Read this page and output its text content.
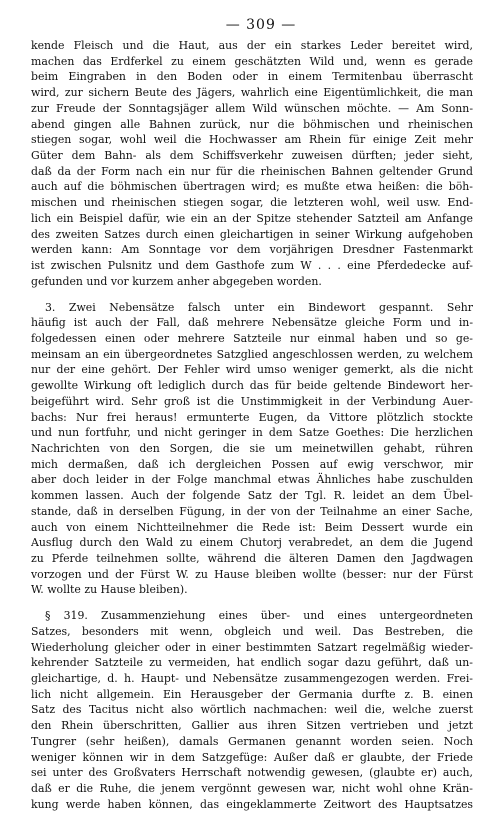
— 309 —
kende Fleisch und die Haut, aus der ein starkes Leder bereitet wird,
machen das Erdferkel zu einem geschätzten Wild und, wenn es gerade
beim Eingraben in den Boden oder in einem Termitenbau überrascht
wird, zur sichern Beute des Jägers, wahrlich eine Eigentümlichkeit, die man
zur Freude der Sonntagsjäger allem Wild wünschen möchte. — Am Sonn-
abend gingen alle Bahnen zurück, nur die böhmischen und rheinischen
stiegen sogar, wohl weil die Hochwasser am Rhein für einige Zeit mehr
Güter dem Bahn- als dem Schiffsverkehr zuweisen dürften; jeder sieht,
daß da der Form nach ein nur für die rheinischen Bahnen geltender Grund
auch auf die böhmischen übertragen wird; es mußte etwa heißen: die böh-
mischen und rheinischen stiegen sogar, die letzteren wohl, weil usw. End-
lich ein Beispiel dafür, wie ein an der Spitze stehender Satzteil am Anfange
des zweiten Satzes durch einen gleichartigen in seiner Wirkung aufgehoben
werden kann: Am Sonntage vor dem vorjährigen Dresdner Fastenmarkt
ist zwischen Pulsnitz und dem Gasthofe zum W . . . eine Pferdedecke auf-
gefunden und vor kurzem anher abgegeben worden.
3. Zwei Nebensätze falsch unter ein Bindewort gespannt. Sehr
häufig ist auch der Fall, daß mehrere Nebensätze gleiche Form und in-
folgedessen einen oder mehrere Satzteile nur einmal haben und so ge-
meinsam an ein übergeordnetes Satzglied angeschlossen werden, zu welchem
nur der eine gehört. Der Fehler wird umso weniger gemerkt, als die nicht
gewollte Wirkung oft lediglich durch das für beide geltende Bindewort her-
beigeführt wird. Sehr groß ist die Unstimmigkeit in der Verbindung Auer-
bachs: Nur frei heraus! ermunterte Eugen, da Vittore plötzlich stockte
und nun fortfuhr, und nicht geringer in dem Satze Goethes: Die herzlichen
Nachrichten von den Sorgen, die sie um meinetwillen gehabt, rühren
mich dermaßen, daß ich dergleichen Possen auf ewig verschwor, mir
aber doch leider in der Folge manchmal etwas Ähnliches habe zuschulden
kommen lassen. Auch der folgende Satz der Tgl. R. leidet an dem Übel-
stande, daß in derselben Fügung, in der von der Teilnahme an einer Sache,
auch von einem Nichtteilnehmer die Rede ist: Beim Dessert wurde ein
Ausflug durch den Wald zu einem Chutorj verabredet, an dem die Jugend
zu Pferde teilnehmen sollte, während die älteren Damen den Jagdwagen
vorzogen und der Fürst W. zu Hause bleiben wollte (besser: nur der Fürst
W. wollte zu Hause bleiben).
§ 319. Zusammenziehung eines über- und eines untergeordneten
Satzes, besonders mit wenn, obgleich und weil. Das Bestreben, die
Wiederholung gleicher oder in einer bestimmten Satzart regelmäßig wieder-
kehrender Satzteile zu vermeiden, hat endlich sogar dazu geführt, daß un-
gleichartige, d. h. Haupt- und Nebensätze zusammengezogen werden. Frei-
lich nicht allgemein. Ein Herausgeber der Germania durfte z. B. einen
Satz des Tacitus nicht also wörtlich nachmachen: weil die, welche zuerst
den Rhein überschritten, Gallier aus ihren Sitzen vertrieben und jetzt
Tungrer (sehr heißen), damals Germanen genannt worden seien. Noch
weniger können wir in dem Satzgefüge: Außer daß er glaubte, der Friede
sei unter des Großvaters Herrschaft notwendig gewesen, (glaubte er) auch,
daß er die Ruhe, die jenem vergönnt gewesen war, nicht wohl ohne Krän-
kung werde haben können, das eingeklammerte Zeitwort des Hauptsatzes
